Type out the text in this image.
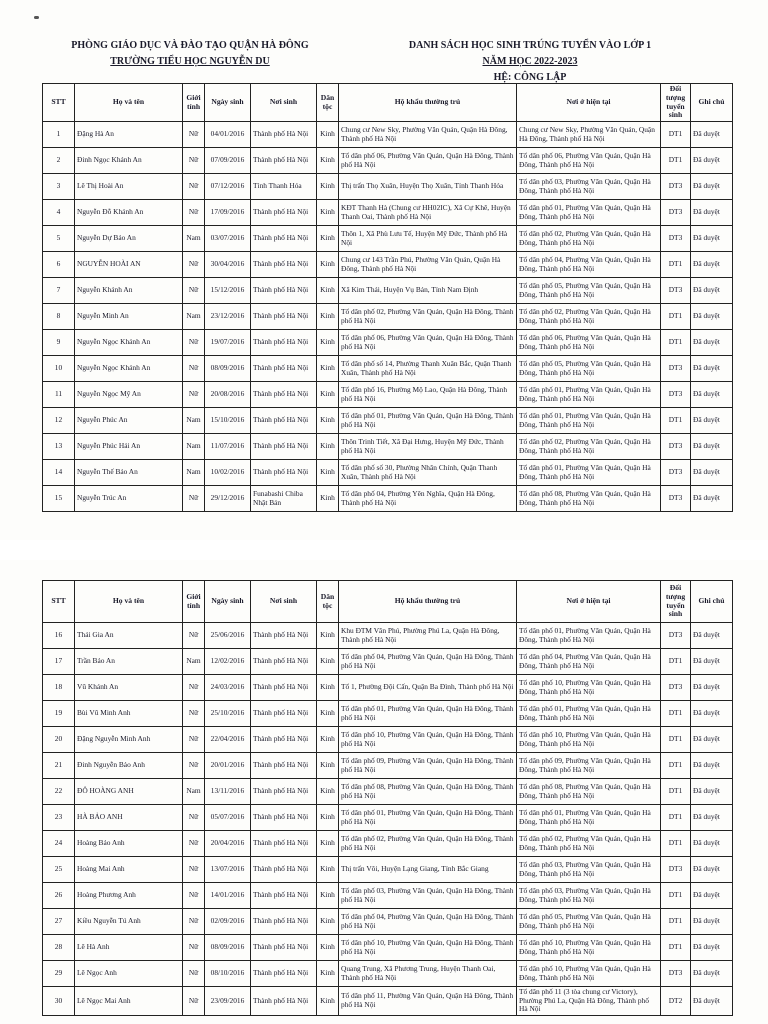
PHÒNG GIÁO DỤC VÀ ĐÀO TẠO QUẬN HÀ ĐÔNG
TRƯỜNG TIỂU HỌC NGUYỄN DU
DANH SÁCH HỌC SINH TRÚNG TUYỂN VÀO LỚP 1
NĂM HỌC 2022-2023
HỆ: CÔNG LẬP
STT	Họ và tên	Giới tính	Ngày sinh	Nơi sinh	Dân tộc	Hộ khẩu thường trú	Nơi ở hiện tại	Đối tượng tuyển sinh	Ghi chú
1	Đặng Hà An	Nữ	04/01/2016	Thành phố Hà Nội	Kinh	Chung cư New Sky, Phường Văn Quán, Quận Hà Đông, Thành phố Hà Nội	Chung cư New Sky, Phường Văn Quán, Quận Hà Đông, Thành phố Hà Nội	DT1	Đã duyệt
2	Đinh Ngọc Khánh An	Nữ	07/09/2016	Thành phố Hà Nội	Kinh	Tổ dân phố 06, Phường Văn Quán, Quận Hà Đông, Thành phố Hà Nội	Tổ dân phố 06, Phường Văn Quán, Quận Hà Đông, Thành phố Hà Nội	DT1	Đã duyệt
3	Lê Thị Hoài An	Nữ	07/12/2016	Tỉnh Thanh Hóa	Kinh	Thị trấn Thọ Xuân, Huyện Thọ Xuân, Tỉnh Thanh Hóa	Tổ dân phố 03, Phường Văn Quán, Quận Hà Đông, Thành phố Hà Nội	DT3	Đã duyệt
4	Nguyễn Đỗ Khánh An	Nữ	17/09/2016	Thành phố Hà Nội	Kinh	KĐT Thanh Hà (Chung cư HH02IC), Xã Cự Khê, Huyện Thanh Oai, Thành phố Hà Nội	Tổ dân phố 01, Phường Văn Quán, Quận Hà Đông, Thành phố Hà Nội	DT3	Đã duyệt
5	Nguyễn Dự Bảo An	Nam	03/07/2016	Thành phố Hà Nội	Kinh	Thôn 1, Xã Phù Lưu Tế, Huyện Mỹ Đức, Thành phố Hà Nội	Tổ dân phố 02, Phường Văn Quán, Quận Hà Đông, Thành phố Hà Nội	DT3	Đã duyệt
6	NGUYỄN HOÀI AN	Nữ	30/04/2016	Thành phố Hà Nội	Kinh	Chung cư 143 Trần Phú, Phường Văn Quán, Quận Hà Đông, Thành phố Hà Nội	Tổ dân phố 04, Phường Văn Quán, Quận Hà Đông, Thành phố Hà Nội	DT1	Đã duyệt
7	Nguyễn Khánh An	Nữ	15/12/2016	Thành phố Hà Nội	Kinh	Xã Kim Thái, Huyện Vụ Bản, Tỉnh Nam Định	Tổ dân phố 05, Phường Văn Quán, Quận Hà Đông, Thành phố Hà Nội	DT3	Đã duyệt
8	Nguyễn Minh An	Nam	23/12/2016	Thành phố Hà Nội	Kinh	Tổ dân phố 02, Phường Văn Quán, Quận Hà Đông, Thành phố Hà Nội	Tổ dân phố 02, Phường Văn Quán, Quận Hà Đông, Thành phố Hà Nội	DT1	Đã duyệt
9	Nguyễn Ngọc Khánh An	Nữ	19/07/2016	Thành phố Hà Nội	Kinh	Tổ dân phố 06, Phường Văn Quán, Quận Hà Đông, Thành phố Hà Nội	Tổ dân phố 06, Phường Văn Quán, Quận Hà Đông, Thành phố Hà Nội	DT1	Đã duyệt
10	Nguyễn Ngọc Khánh An	Nữ	08/09/2016	Thành phố Hà Nội	Kinh	Tổ dân phố số 14, Phường Thanh Xuân Bắc, Quận Thanh Xuân, Thành phố Hà Nội	Tổ dân phố 05, Phường Văn Quán, Quận Hà Đông, Thành phố Hà Nội	DT3	Đã duyệt
11	Nguyễn Ngọc Mỹ An	Nữ	20/08/2016	Thành phố Hà Nội	Kinh	Tổ dân phố 16, Phường Mộ Lao, Quận Hà Đông, Thành phố Hà Nội	Tổ dân phố 01, Phường Văn Quán, Quận Hà Đông, Thành phố Hà Nội	DT3	Đã duyệt
12	Nguyễn Phúc An	Nam	15/10/2016	Thành phố Hà Nội	Kinh	Tổ dân phố 01, Phường Văn Quán, Quận Hà Đông, Thành phố Hà Nội	Tổ dân phố 01, Phường Văn Quán, Quận Hà Đông, Thành phố Hà Nội	DT1	Đã duyệt
13	Nguyễn Phúc Hải An	Nam	11/07/2016	Thành phố Hà Nội	Kinh	Thôn Trinh Tiết, Xã Đại Hưng, Huyện Mỹ Đức, Thành phố Hà Nội	Tổ dân phố 02, Phường Văn Quán, Quận Hà Đông, Thành phố Hà Nội	DT3	Đã duyệt
14	Nguyễn Thế Bảo An	Nam	10/02/2016	Thành phố Hà Nội	Kinh	Tổ dân phố số 30, Phường Nhân Chính, Quận Thanh Xuân, Thành phố Hà Nội	Tổ dân phố 01, Phường Văn Quán, Quận Hà Đông, Thành phố Hà Nội	DT3	Đã duyệt
15	Nguyễn Trúc An	Nữ	29/12/2016	Funabashi Chiba Nhật Bản	Kinh	Tổ dân phố 04, Phường Yên Nghĩa, Quận Hà Đông, Thành phố Hà Nội	Tổ dân phố 08, Phường Văn Quán, Quận Hà Đông, Thành phố Hà Nội	DT3	Đã duyệt
STT	Họ và tên	Giới tính	Ngày sinh	Nơi sinh	Dân tộc	Hộ khẩu thường trú	Nơi ở hiện tại	Đối tượng tuyển sinh	Ghi chú
16	Thái Gia An	Nữ	25/06/2016	Thành phố Hà Nội	Kinh	Khu ĐTM Văn Phú, Phường Phú La, Quận Hà Đông, Thành phố Hà Nội	Tổ dân phố 01, Phường Văn Quán, Quận Hà Đông, Thành phố Hà Nội	DT3	Đã duyệt
17	Trần Bảo An	Nam	12/02/2016	Thành phố Hà Nội	Kinh	Tổ dân phố 04, Phường Văn Quán, Quận Hà Đông, Thành phố Hà Nội	Tổ dân phố 04, Phường Văn Quán, Quận Hà Đông, Thành phố Hà Nội	DT1	Đã duyệt
18	Vũ Khánh An	Nữ	24/03/2016	Thành phố Hà Nội	Kinh	Tổ 1, Phường Đội Cấn, Quận Ba Đình, Thành phố Hà Nội	Tổ dân phố 10, Phường Văn Quán, Quận Hà Đông, Thành phố Hà Nội	DT3	Đã duyệt
19	Bùi Vũ Minh Anh	Nữ	25/10/2016	Thành phố Hà Nội	Kinh	Tổ dân phố 01, Phường Văn Quán, Quận Hà Đông, Thành phố Hà Nội	Tổ dân phố 01, Phường Văn Quán, Quận Hà Đông, Thành phố Hà Nội	DT1	Đã duyệt
20	Đặng Nguyễn Minh Anh	Nữ	22/04/2016	Thành phố Hà Nội	Kinh	Tổ dân phố 10, Phường Văn Quán, Quận Hà Đông, Thành phố Hà Nội	Tổ dân phố 10, Phường Văn Quán, Quận Hà Đông, Thành phố Hà Nội	DT1	Đã duyệt
21	Đinh Nguyễn Bảo Anh	Nữ	20/01/2016	Thành phố Hà Nội	Kinh	Tổ dân phố 09, Phường Văn Quán, Quận Hà Đông, Thành phố Hà Nội	Tổ dân phố 09, Phường Văn Quán, Quận Hà Đông, Thành phố Hà Nội	DT1	Đã duyệt
22	ĐỖ HOÀNG ANH	Nam	13/11/2016	Thành phố Hà Nội	Kinh	Tổ dân phố 08, Phường Văn Quán, Quận Hà Đông, Thành phố Hà Nội	Tổ dân phố 08, Phường Văn Quán, Quận Hà Đông, Thành phố Hà Nội	DT1	Đã duyệt
23	HÀ BẢO ANH	Nữ	05/07/2016	Thành phố Hà Nội	Kinh	Tổ dân phố 01, Phường Văn Quán, Quận Hà Đông, Thành phố Hà Nội	Tổ dân phố 01, Phường Văn Quán, Quận Hà Đông, Thành phố Hà Nội	DT1	Đã duyệt
24	Hoàng Bảo Anh	Nữ	20/04/2016	Thành phố Hà Nội	Kinh	Tổ dân phố 02, Phường Văn Quán, Quận Hà Đông, Thành phố Hà Nội	Tổ dân phố 02, Phường Văn Quán, Quận Hà Đông, Thành phố Hà Nội	DT1	Đã duyệt
25	Hoàng Mai Anh	Nữ	13/07/2016	Thành phố Hà Nội	Kinh	Thị trấn Vôi, Huyện Lạng Giang, Tỉnh Bắc Giang	Tổ dân phố 03, Phường Văn Quán, Quận Hà Đông, Thành phố Hà Nội	DT3	Đã duyệt
26	Hoàng Phương Anh	Nữ	14/01/2016	Thành phố Hà Nội	Kinh	Tổ dân phố 03, Phường Văn Quán, Quận Hà Đông, Thành phố Hà Nội	Tổ dân phố 03, Phường Văn Quán, Quận Hà Đông, Thành phố Hà Nội	DT1	Đã duyệt
27	Kiều Nguyễn Tú Anh	Nữ	02/09/2016	Thành phố Hà Nội	Kinh	Tổ dân phố 04, Phường Văn Quán, Quận Hà Đông, Thành phố Hà Nội	Tổ dân phố 05, Phường Văn Quán, Quận Hà Đông, Thành phố Hà Nội	DT1	Đã duyệt
28	Lê Hà Anh	Nữ	08/09/2016	Thành phố Hà Nội	Kinh	Tổ dân phố 10, Phường Văn Quán, Quận Hà Đông, Thành phố Hà Nội	Tổ dân phố 10, Phường Văn Quán, Quận Hà Đông, Thành phố Hà Nội	DT1	Đã duyệt
29	Lê Ngọc Anh	Nữ	08/10/2016	Thành phố Hà Nội	Kinh	Quang Trung, Xã Phương Trung, Huyện Thanh Oai, Thành phố Hà Nội	Tổ dân phố 10, Phường Văn Quán, Quận Hà Đông, Thành phố Hà Nội	DT3	Đã duyệt
30	Lê Ngọc Mai Anh	Nữ	23/09/2016	Thành phố Hà Nội	Kinh	Tổ dân phố 11, Phường Văn Quán, Quận Hà Đông, Thành phố Hà Nội	Tổ dân phố 11 (3 tòa chung cư Victory), Phường Phú La, Quận Hà Đông, Thành phố Hà Nội	DT2	Đã duyệt
